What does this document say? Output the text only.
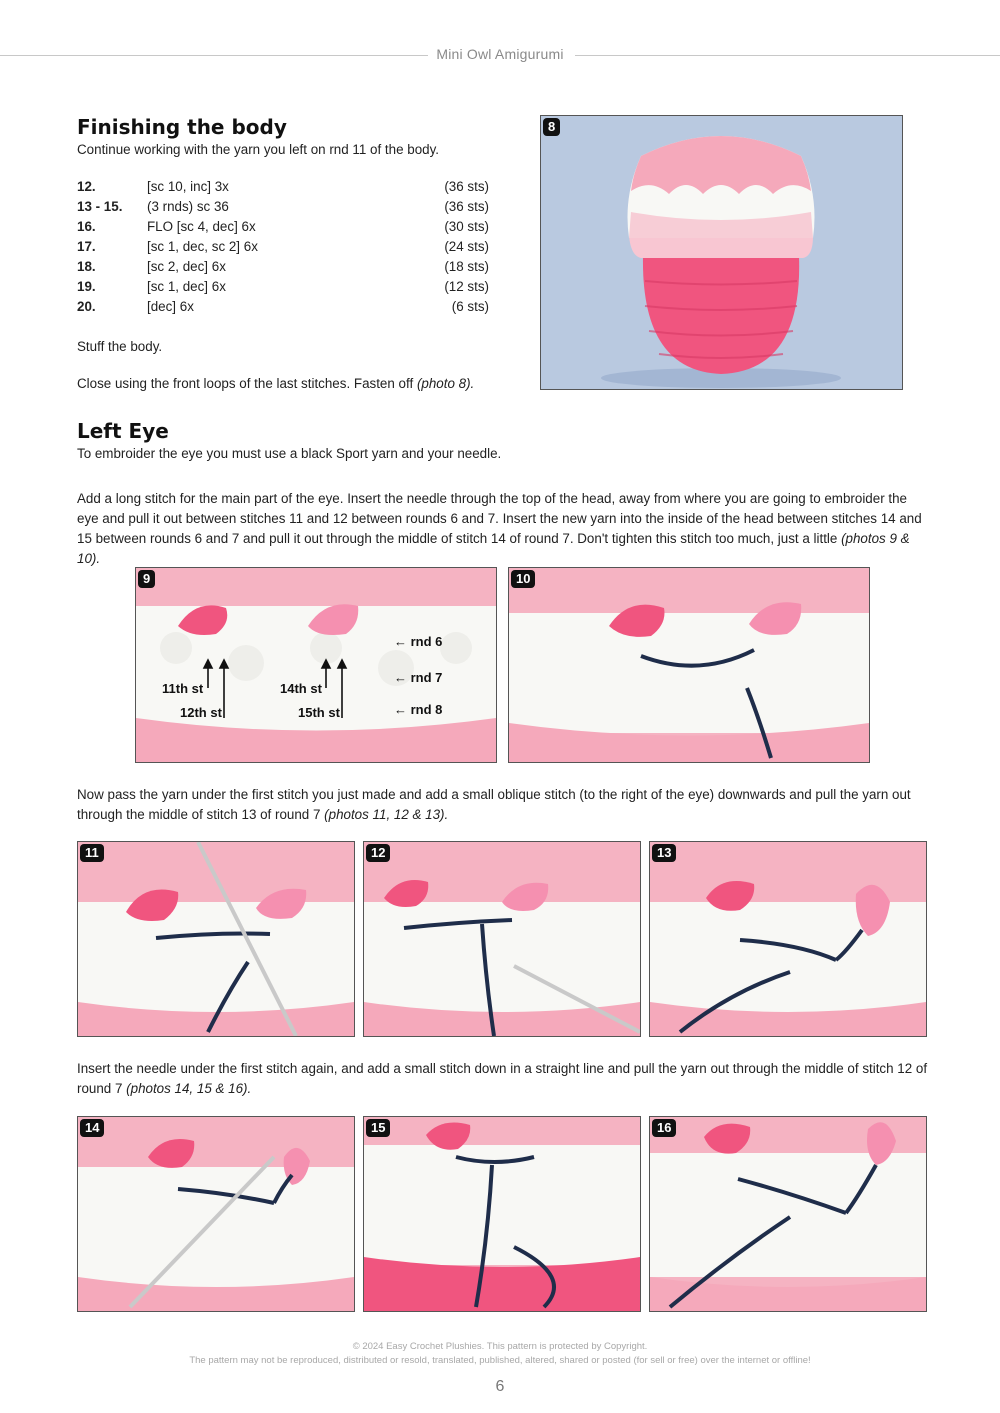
Mini Owl Amigurumi
Finishing the body
Continue working with the yarn you left on rnd 11 of the body.
12.	[sc 10, inc] 3x	(36 sts)
13 - 15. (3 rnds) sc 36	(36 sts)
16.	FLO [sc 4, dec] 6x	(30 sts)
17.	[sc 1, dec, sc 2] 6x	(24 sts)
18.	[sc 2, dec] 6x	(18 sts)
19.	[sc 1, dec] 6x	(12 sts)
20.	[dec] 6x	(6 sts)
Stuff the body.
Close using the front loops of the last stitches. Fasten off (photo 8).
8
Left Eye
To embroider the eye you must use a black Sport yarn and your needle.
Add a long stitch for the main part of the eye. Insert the needle through the top of the head, away from where you are going to embroider the eye and pull it out between stitches 11 and 12 between rounds 6 and 7. Insert the new yarn into the inside of the head between stitches 14 and 15 between rounds 6 and 7 and pull it out through the middle of stitch 14 of round 7. Don't tighten this stitch too much, just a little (photos 9 & 10).
9
← rnd 6
← rnd 7
← rnd 8
11th st
12th st
14th st
15th st
10
Now pass the yarn under the first stitch you just made and add a small oblique stitch (to the right of the eye) downwards and pull the yarn out through the middle of stitch 13 of round 7 (photos 11, 12 & 13).
11	12	13
Insert the needle under the first stitch again, and add a small stitch down in a straight line and pull the yarn out through the middle of stitch 12 of round 7 (photos 14, 15 & 16).
14	15	16
© 2024 Easy Crochet Plushies. This pattern is protected by Copyright.
The pattern may not be reproduced, distributed or resold, translated, published, altered, shared or posted (for sell or free) over the internet or offline!
6
